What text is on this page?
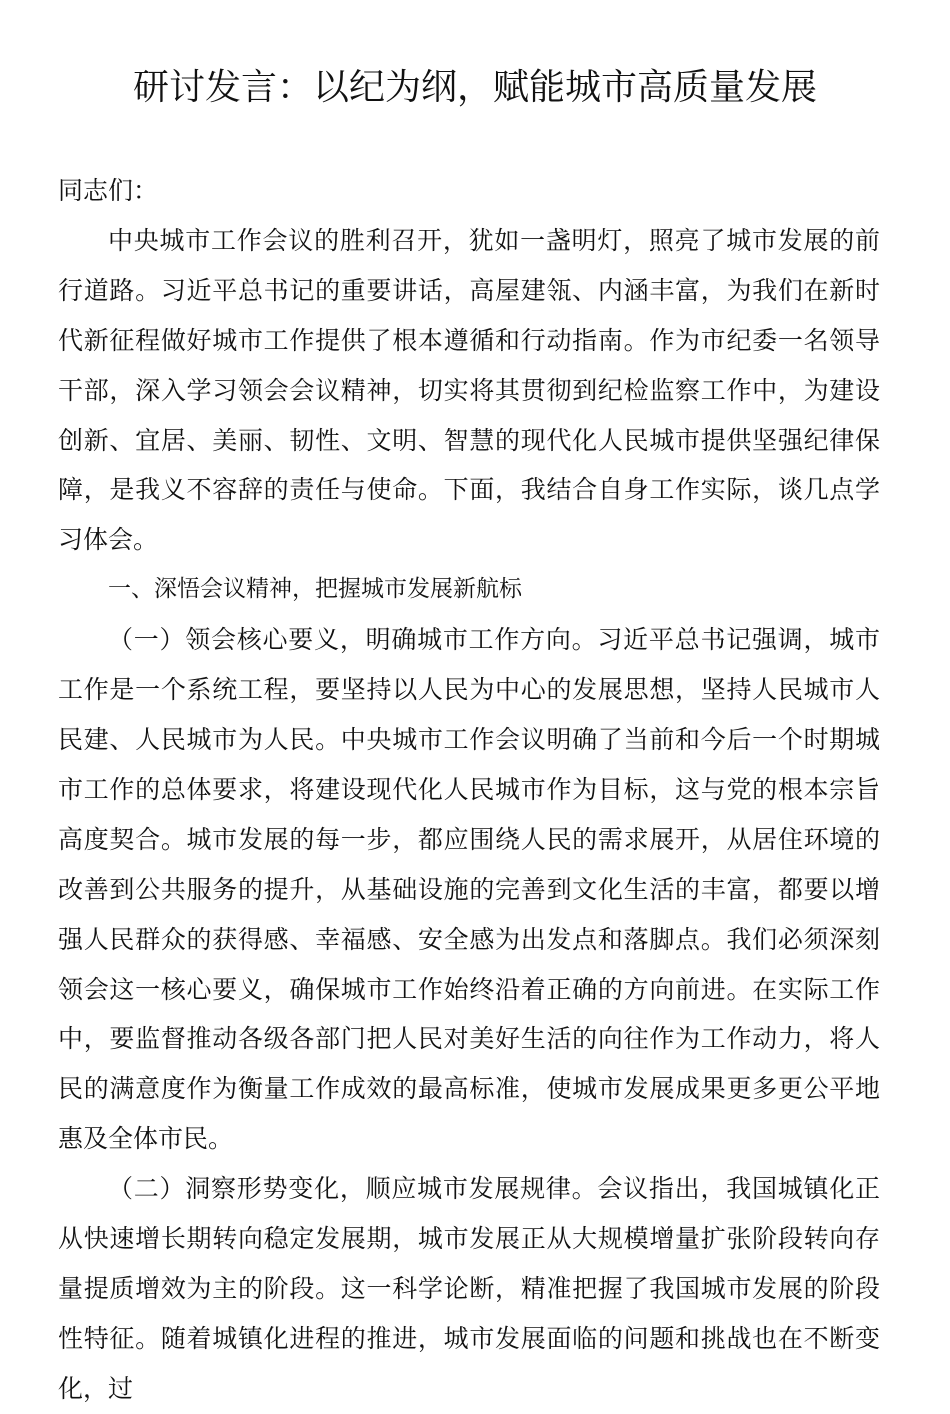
研讨发言：以纪为纲，赋能城市高质量发展

同志们：

中央城市工作会议的胜利召开，犹如一盏明灯，照亮了城市发展的前行道路。习近平总书记的重要讲话，高屋建瓴、内涵丰富，为我们在新时代新征程做好城市工作提供了根本遵循和行动指南。作为市纪委一名领导干部，深入学习领会会议精神，切实将其贯彻到纪检监察工作中，为建设创新、宜居、美丽、韧性、文明、智慧的现代化人民城市提供坚强纪律保障，是我义不容辞的责任与使命。下面，我结合自身工作实际，谈几点学习体会。

一、深悟会议精神，把握城市发展新航标

（一）领会核心要义，明确城市工作方向。习近平总书记强调，城市工作是一个系统工程，要坚持以人民为中心的发展思想，坚持人民城市人民建、人民城市为人民。中央城市工作会议明确了当前和今后一个时期城市工作的总体要求，将建设现代化人民城市作为目标，这与党的根本宗旨高度契合。城市发展的每一步，都应围绕人民的需求展开，从居住环境的改善到公共服务的提升，从基础设施的完善到文化生活的丰富，都要以增强人民群众的获得感、幸福感、安全感为出发点和落脚点。我们必须深刻领会这一核心要义，确保城市工作始终沿着正确的方向前进。在实际工作中，要监督推动各级各部门把人民对美好生活的向往作为工作动力，将人民的满意度作为衡量工作成效的最高标准，使城市发展成果更多更公平地惠及全体市民。

（二）洞察形势变化，顺应城市发展规律。会议指出，我国城镇化正从快速增长期转向稳定发展期，城市发展正从大规模增量扩张阶段转向存量提质增效为主的阶段。这一科学论断，精准把握了我国城市发展的阶段性特征。随着城镇化进程的推进，城市发展面临的问题和挑战也在不断变化，过
